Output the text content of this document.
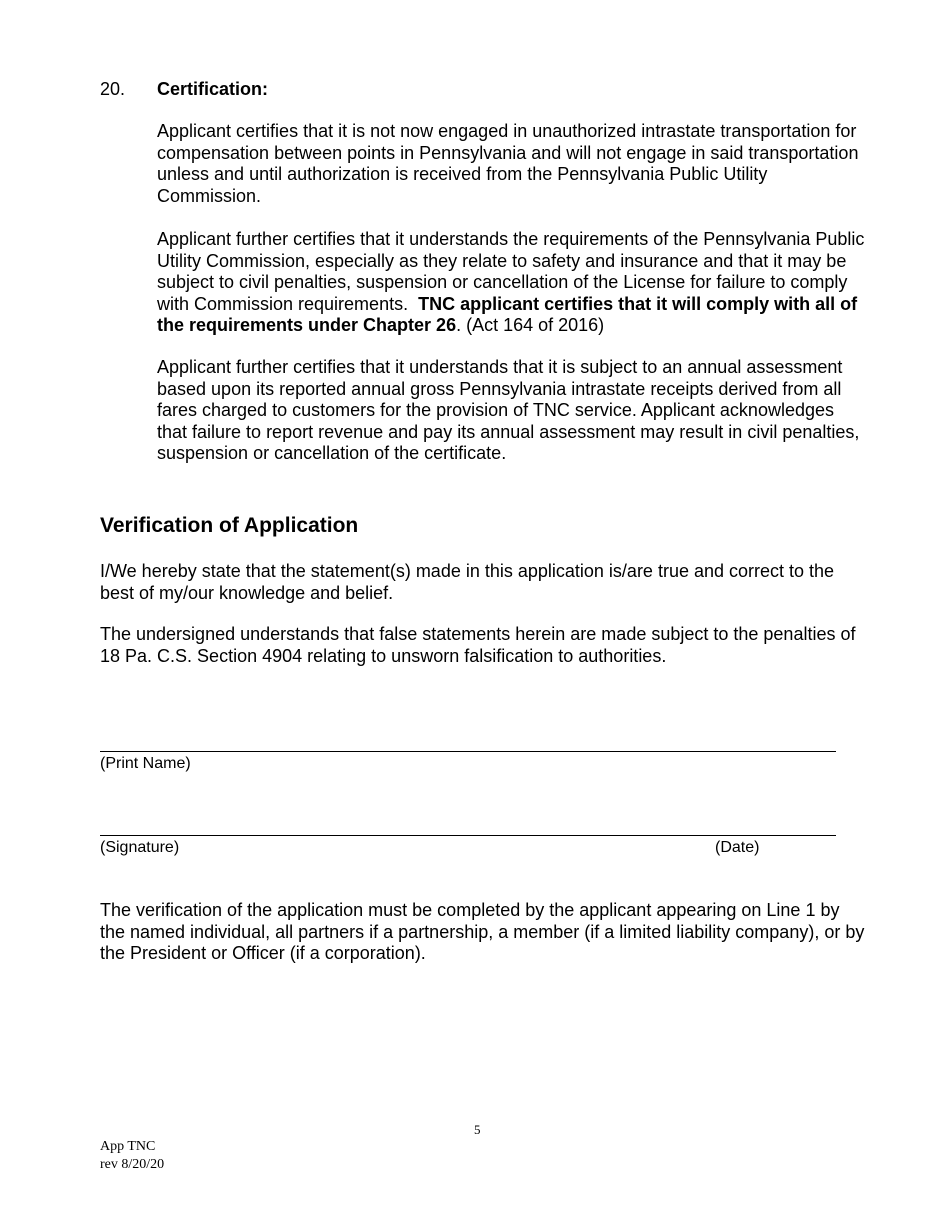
20. Certification:

Applicant certifies that it is not now engaged in unauthorized intrastate transportation for compensation between points in Pennsylvania and will not engage in said transportation unless and until authorization is received from the Pennsylvania Public Utility Commission.

Applicant further certifies that it understands the requirements of the Pennsylvania Public Utility Commission, especially as they relate to safety and insurance and that it may be subject to civil penalties, suspension or cancellation of the License for failure to comply with Commission requirements. TNC applicant certifies that it will comply with all of the requirements under Chapter 26. (Act 164 of 2016)

Applicant further certifies that it understands that it is subject to an annual assessment based upon its reported annual gross Pennsylvania intrastate receipts derived from all fares charged to customers for the provision of TNC service. Applicant acknowledges that failure to report revenue and pay its annual assessment may result in civil penalties, suspension or cancellation of the certificate.

Verification of Application

I/We hereby state that the statement(s) made in this application is/are true and correct to the best of my/our knowledge and belief.

The undersigned understands that false statements herein are made subject to the penalties of 18 Pa. C.S. Section 4904 relating to unsworn falsification to authorities.

(Print Name)
(Signature)	(Date)

The verification of the application must be completed by the applicant appearing on Line 1 by the named individual, all partners if a partnership, a member (if a limited liability company), or by the President or Officer (if a corporation).

5
App TNC
rev 8/20/20
